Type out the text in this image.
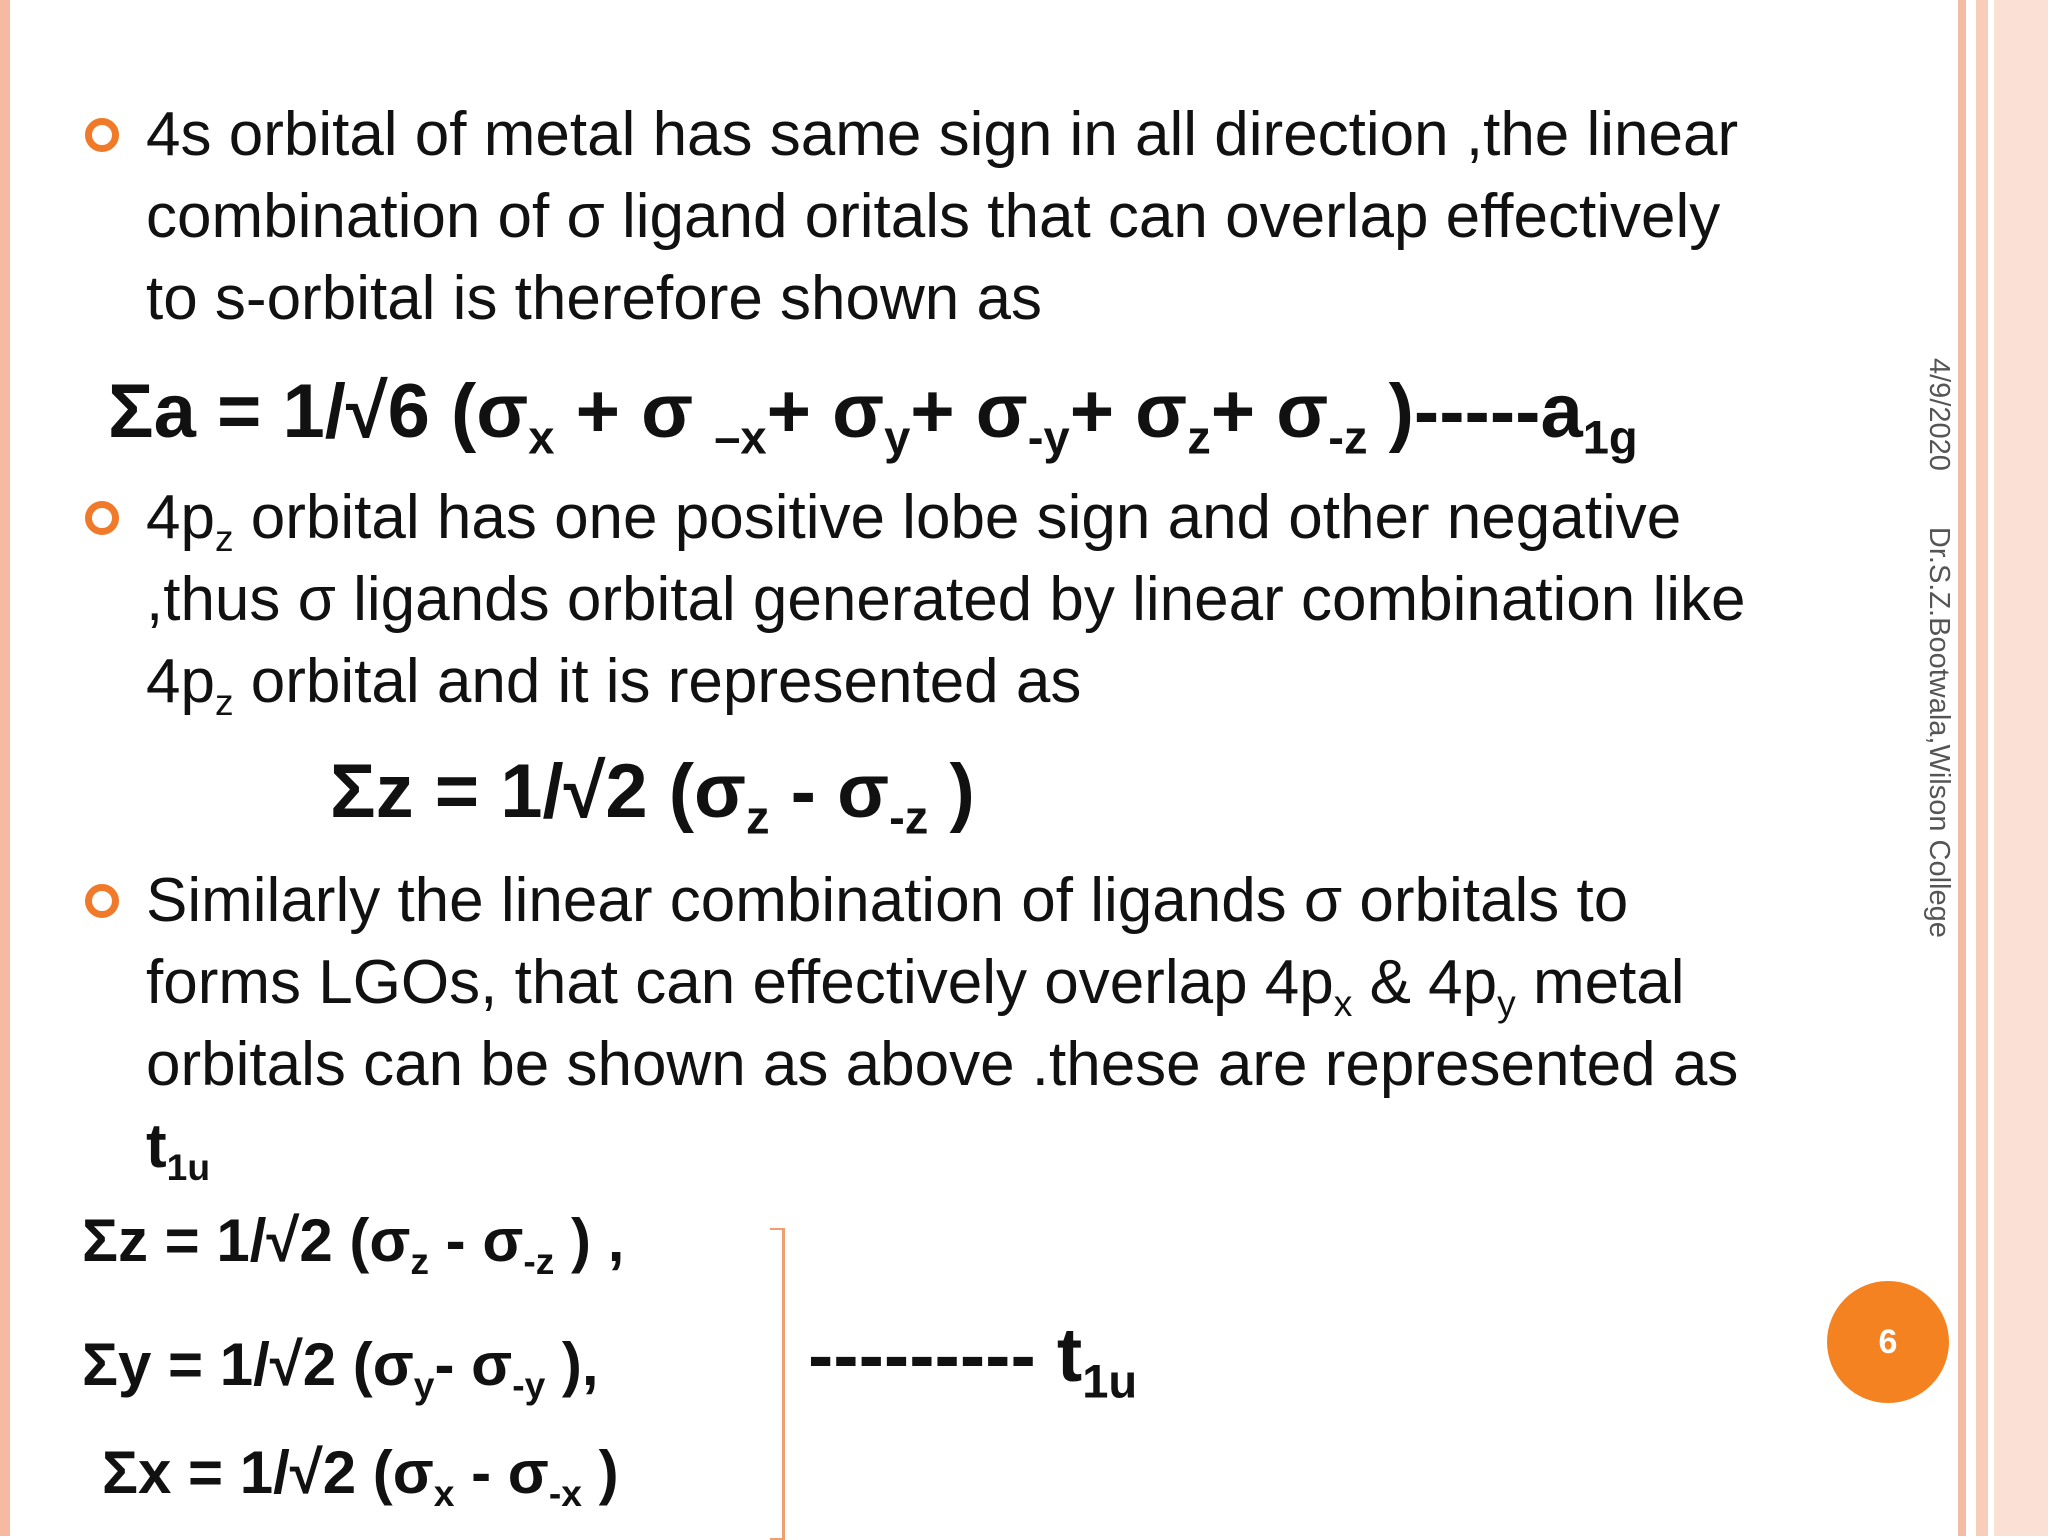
4s orbital of metal has same sign in all direction ,the linear

combination of σ ligand oritals that can overlap effectively

to s-orbital is therefore shown as

Σa = 1/√6 ($\sigma_x + \sigma$ $_{-x}+ \sigma_y+ \sigma_{-y}+ \sigma_z+ \sigma_{-z}$ )$-----a_{1g}$

$4p_z$ orbital has one positive lobe sign and other negative

,thus σ ligands orbital generated by linear combination like

$4p_z$ orbital and it is represented as

Σz = 1/√2 ($\sigma_z - \sigma_{-z}$ )

Similarly the linear combination of ligands σ orbitals to

forms LGOs, that can effectively overlap $4p_x$ & $4p_y$ metal

orbitals can be shown as above .these are represented as

$t_{1u}$

Σz = 1/√2 ($\sigma_z - \sigma_{-z}$ ) ,
Σy = 1/√2 ($\sigma_y-$ $\sigma_{-y}$ ),
Σx = 1/√2 ($\sigma_x - \sigma_{-x}$ )
--------- $t_{1u}$
4/9/2020Dr.S.Z.Bootwala,Wilson College
6
